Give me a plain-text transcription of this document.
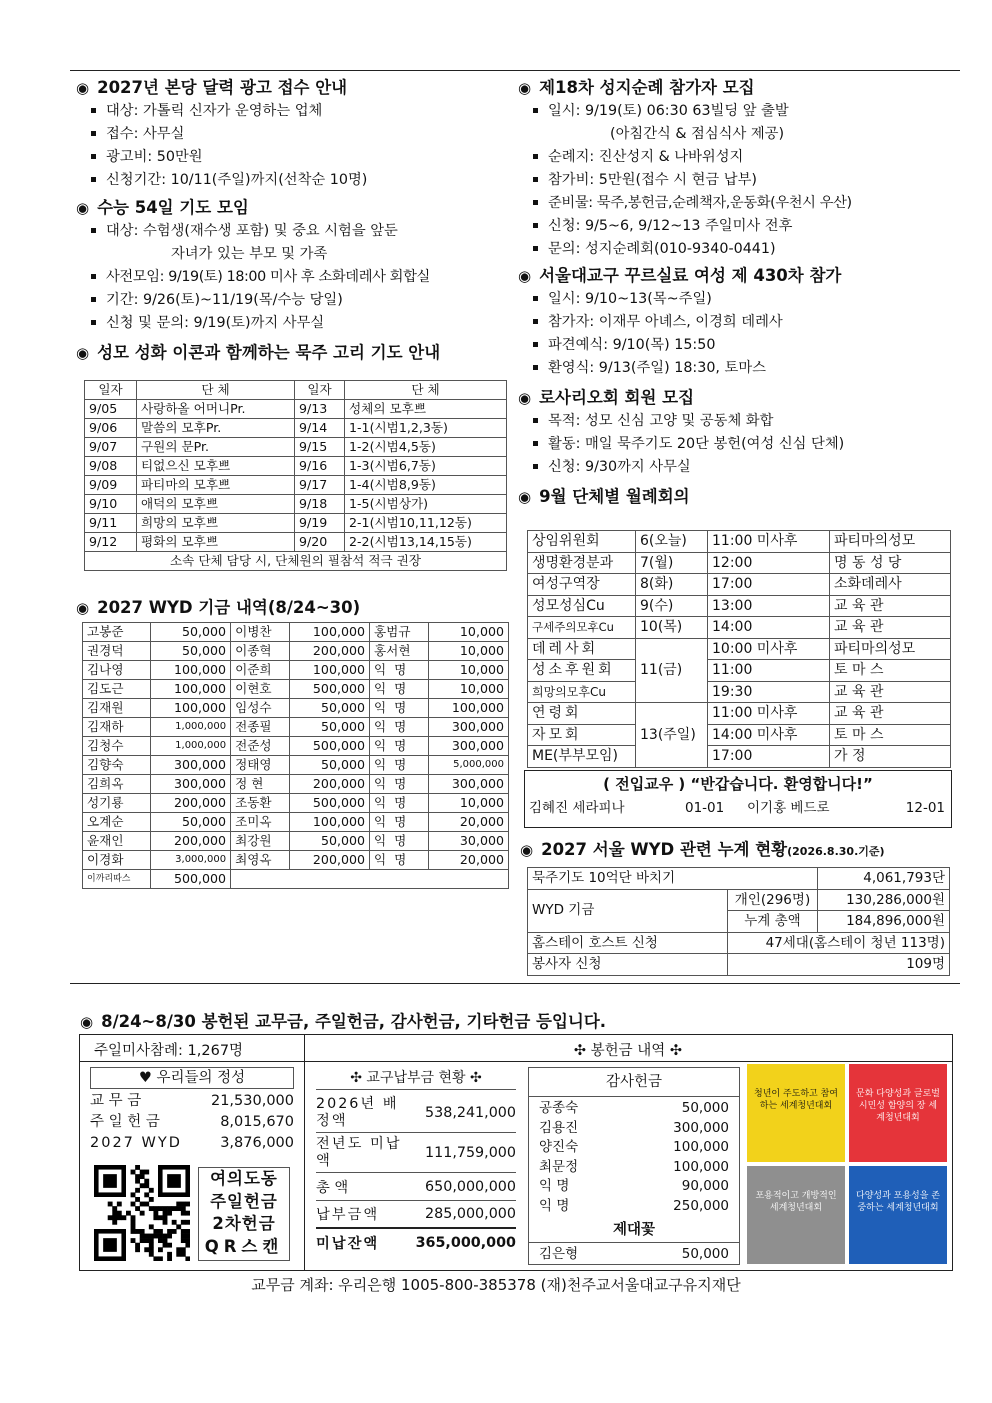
◉ 2027년 본당 달력 광고 접수 안내
대상: 가톨릭 신자가 운영하는 업체
접수: 사무실
광고비: 50만원
신청기간: 10/11(주일)까지(선착순 10명)
◉ 수능 54일 기도 모임
대상: 수험생(재수생 포함) 및 중요 시험을 앞둔
자녀가 있는 부모 및 가족
사전모임: 9/19(토) 18:00 미사 후 소화데레사 회합실
기간: 9/26(토)~11/19(목/수능 당일)
신청 및 문의: 9/19(토)까지 사무실
◉ 성모 성화 이콘과 함께하는 묵주 고리 기도 안내
일자	단 체	일자	단 체
9/05	사랑하올 어머니Pr.	9/13	성체의 모후쁘
9/06	말씀의 모후Pr.	9/14	1-1(시범1,2,3동)
9/07	구원의 문Pr.	9/15	1-2(시범4,5동)
9/08	티없으신 모후쁘	9/16	1-3(시범6,7동)
9/09	파티마의 모후쁘	9/17	1-4(시범8,9동)
9/10	애덕의 모후쁘	9/18	1-5(시범상가)
9/11	희망의 모후쁘	9/19	2-1(시범10,11,12동)
9/12	평화의 모후쁘	9/20	2-2(시범13,14,15동)
소속 단체 담당 시, 단체원의 필참석 적극 권장			
◉ 2027 WYD 기금 내역(8/24~30)
고봉준	50,000	이병찬	100,000	홍범규	10,000
권경덕	50,000	이종혁	200,000	홍서현	10,000
김나영	100,000	이준희	100,000	익 명	10,000
김도근	100,000	이현호	500,000	익 명	10,000
김재원	100,000	임성수	50,000	익 명	100,000
김재하	1,000,000	전종필	50,000	익 명	300,000
김청수	1,000,000	전준성	500,000	익 명	300,000
김향숙	300,000	정태영	50,000	익 명	5,000,000
김희옥	300,000	정 현	200,000	익 명	300,000
성기룡	200,000	조동환	500,000	익 명	10,000
오계순	50,000	조미옥	100,000	익 명	20,000
윤재인	200,000	최강원	50,000	익 명	30,000
이경화	3,000,000	최영옥	200,000	익 명	20,000
이까리따스	500,000				
◉ 제18차 성지순례 참가자 모집
일시: 9/19(토) 06:30 63빌딩 앞 출발
(아침간식 & 점심식사 제공)
순례지: 진산성지 & 나바위성지
참가비: 5만원(접수 시 현금 납부)
준비물: 묵주,봉헌금,순례책자,운동화(우천시 우산)
신청: 9/5~6, 9/12~13 주일미사 전후
문의: 성지순례회(010-9340-0441)
◉ 서울대교구 꾸르실료 여성 제 430차 참가
일시: 9/10~13(목~주일)
참가자: 이재무 아녜스, 이경희 데레사
파견예식: 9/10(목) 15:50
환영식: 9/13(주일) 18:30, 토마스
◉ 로사리오회 회원 모집
목적: 성모 신심 고양 및 공동체 화합
활동: 매일 묵주기도 20단 봉헌(여성 신심 단체)
신청: 9/30까지 사무실
◉ 9월 단체별 월례회의
상임위원회	6(오늘)	11:00 미사후	파티마의성모
생명환경분과	7(월)	12:00	명 동 성 당
여성구역장	8(화)	17:00	소화데레사
성모성심Cu	9(수)	13:00	교 육 관
구세주의모후Cu	10(목)	14:00	교 육 관
데레사회	11(금)	10:00 미사후	파티마의성모
성소후원회		11:00	토 마 스
희망의모후Cu		19:30	교 육 관
연령회	13(주일)	11:00 미사후	교 육 관
자모회		14:00 미사후	토 마 스
ME(부부모임)		17:00	가 정
( 전입교우 ) “반갑습니다. 환영합니다!”
김혜진 세라피나	01-01 이기홍 베드로	12-01
◉ 2027 서울 WYD 관련 누계 현황(2026.8.30.기준)
묵주기도 10억단 바치기		4,061,793단
WYD 기금	개인(296명)	130,286,000원
	누계 총액	184,896,000원
홈스테이 호스트 신청	47세대(홈스테이 청년 113명)	
봉사자 신청	109명	
◉ 8/24~8/30 봉헌된 교무금, 주일헌금, 감사헌금, 기타헌금 등입니다.
주일미사참례: 1,267명	✣ 봉헌금 내역 ✣
♥ 우리들의 정성
교 무 금	21,530,000
주 일 헌 금	8,015,670
2027 WYD	3,876,000
여의도동
주일헌금
2차헌금
QR스캔
✣ 교구납부금 현황 ✣
2026년 배정액	538,241,000
전년도 미납액	111,759,000
총 액	650,000,000
납부금액	285,000,000
미납잔액	365,000,000
감사헌금
공종숙	50,000
김용진	300,000
양진숙	100,000
최문정	100,000
익 명	90,000
익 명	250,000
제대꽃
김은형	50,000
청년이 주도하고 참여하는 세계청년대회
문화 다양성과 글로벌 시민성 함양의 장 세계청년대회
포용적이고 개방적인 세계청년대회
다양성과 포용성을 존중하는 세계청년대회
교무금 계좌: 우리은행 1005-800-385378 (재)천주교서울대교구유지재단
